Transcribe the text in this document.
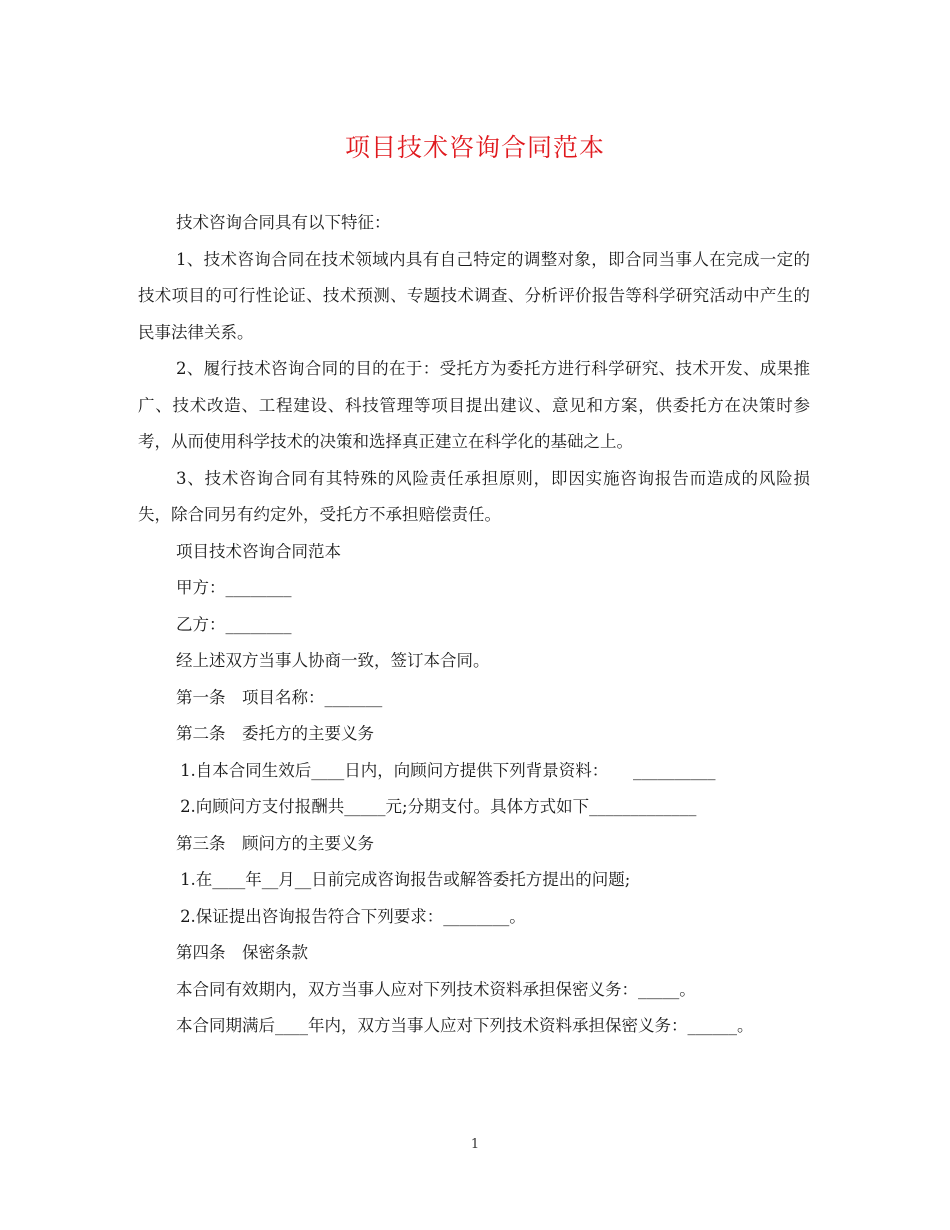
项目技术咨询合同范本

技术咨询合同具有以下特征：

1、技术咨询合同在技术领域内具有自己特定的调整对象，即合同当事人在完成一定的技术项目的可行性论证、技术预测、专题技术调查、分析评价报告等科学研究活动中产生的民事法律关系。

2、履行技术咨询合同的目的在于：受托方为委托方进行科学研究、技术开发、成果推广、技术改造、工程建设、科技管理等项目提出建议、意见和方案，供委托方在决策时参考，从而使用科学技术的决策和选择真正建立在科学化的基础之上。

3、技术咨询合同有其特殊的风险责任承担原则，即因实施咨询报告而造成的风险损失，除合同另有约定外，受托方不承担赔偿责任。

项目技术咨询合同范本

甲方：________

乙方：________

经上述双方当事人协商一致，签订本合同。

第一条　项目名称：_______

第二条　委托方的主要义务

1.自本合同生效后____日内，向顾问方提供下列背景资料：　　__________

2.向顾问方支付报酬共_____元;分期支付。具体方式如下_____________

第三条　顾问方的主要义务

1.在____年__月__日前完成咨询报告或解答委托方提出的问题;

2.保证提出咨询报告符合下列要求：________。

第四条　保密条款

本合同有效期内，双方当事人应对下列技术资料承担保密义务：_____。

本合同期满后____年内，双方当事人应对下列技术资料承担保密义务：______。

1
